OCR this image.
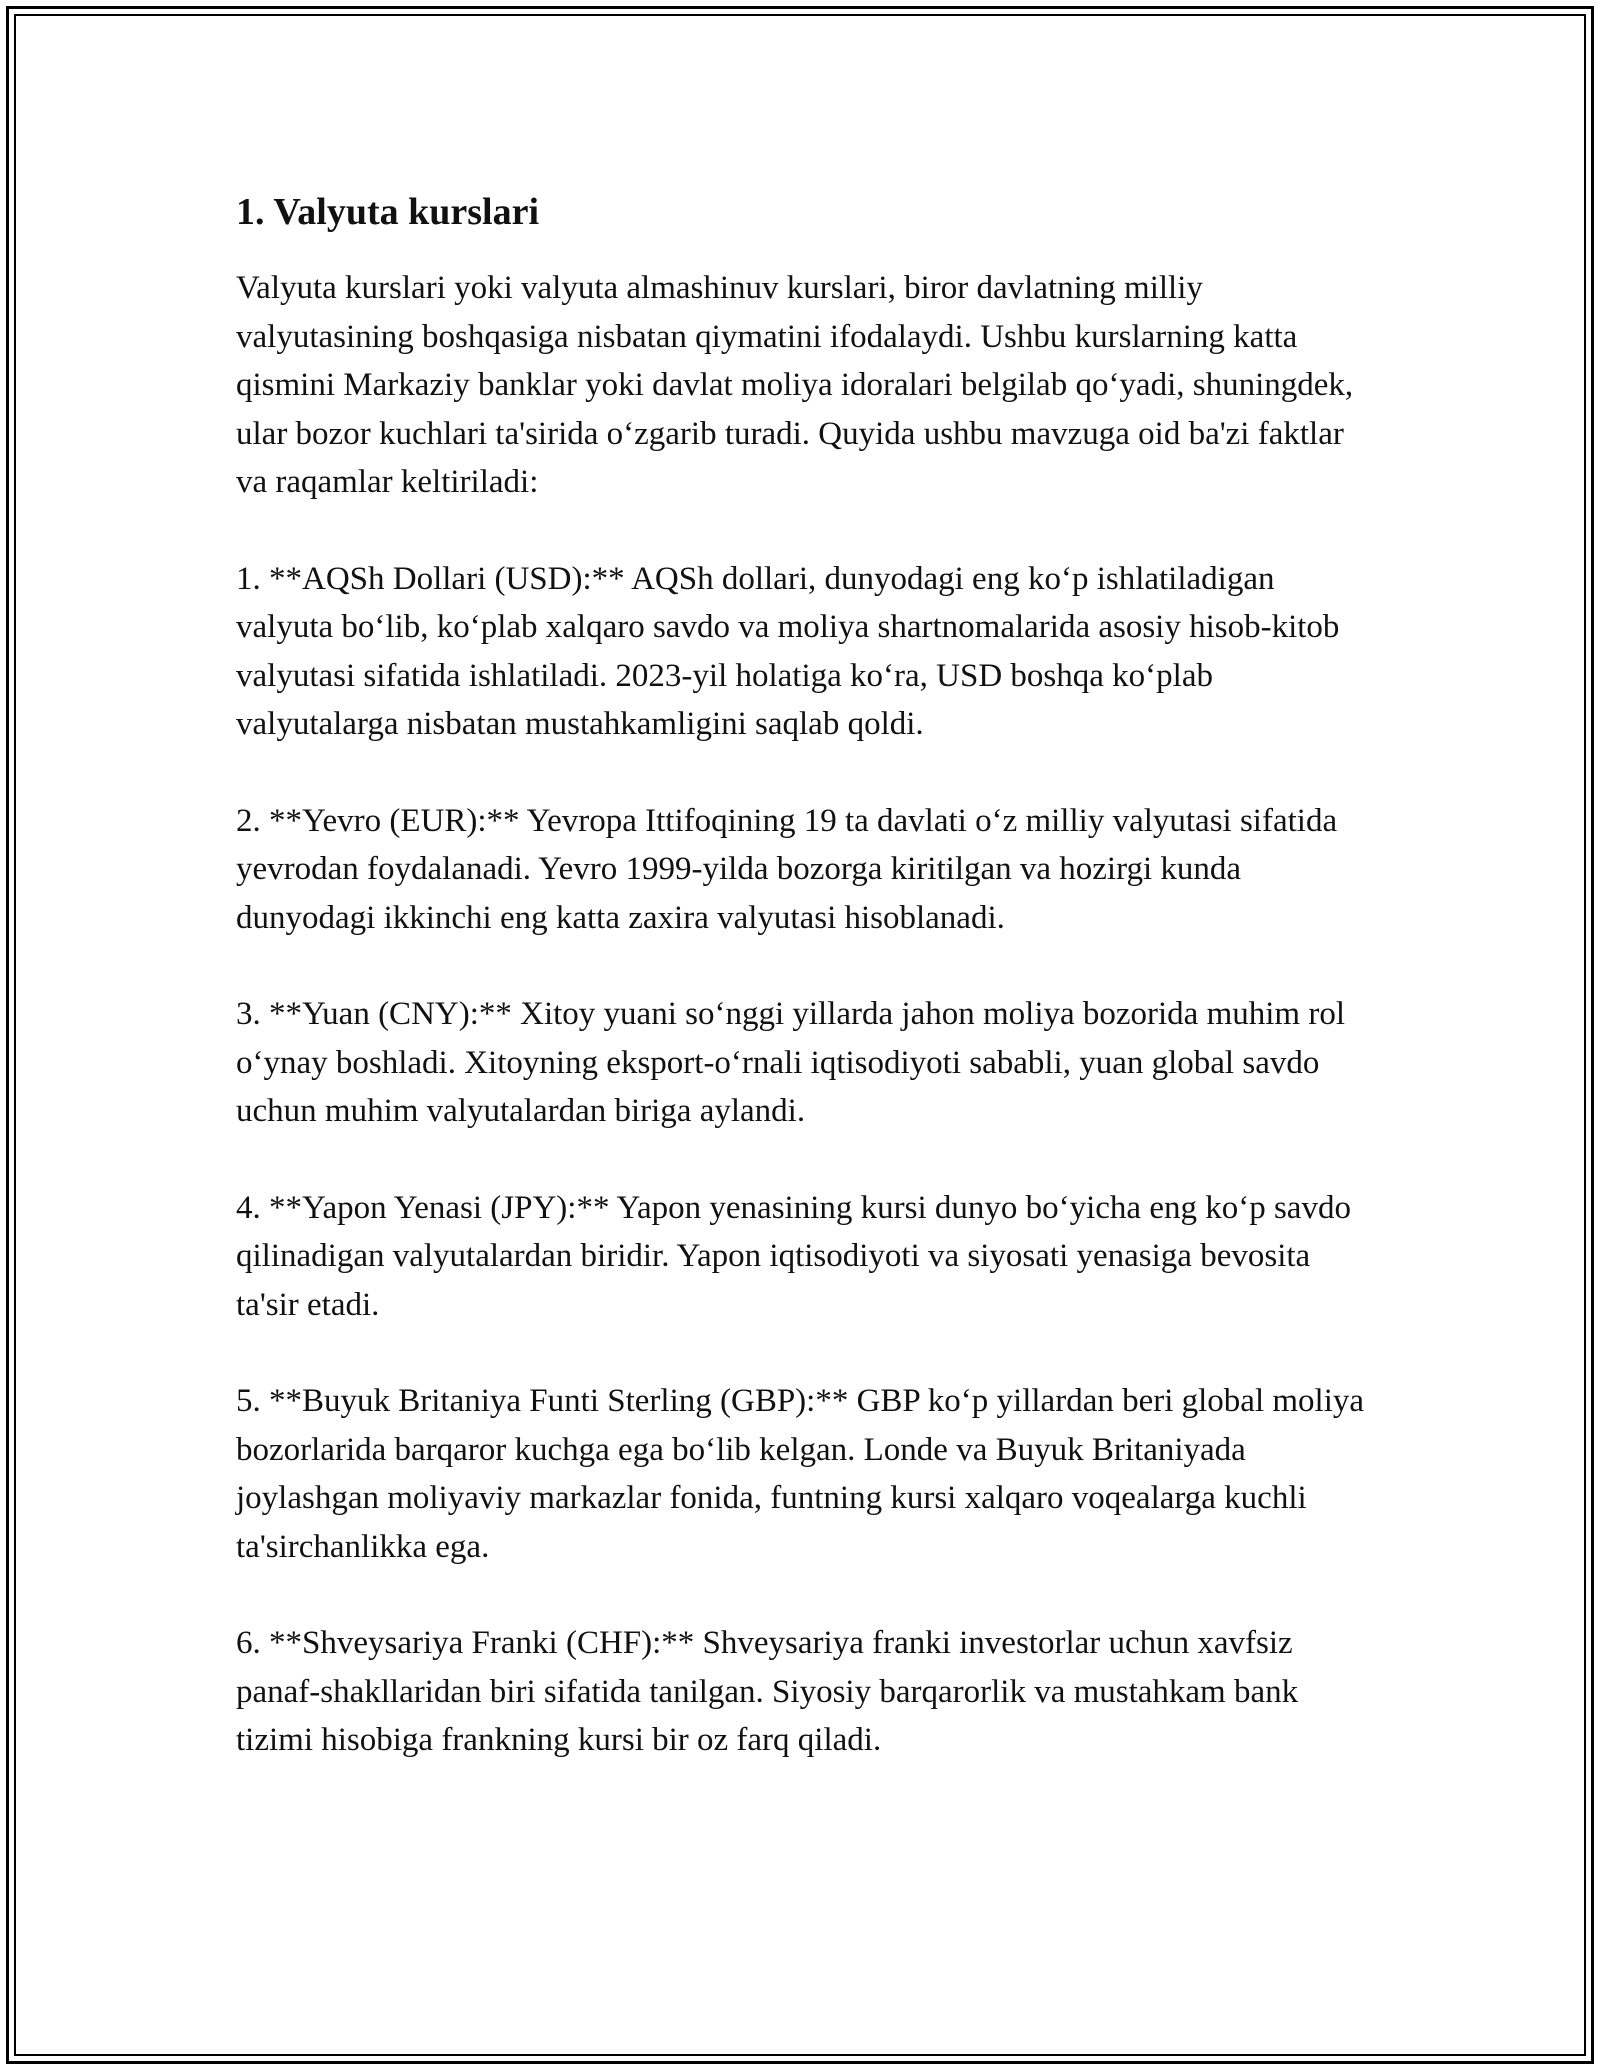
1. Valyuta kurslari

Valyuta kurslari yoki valyuta almashinuv kurslari, biror davlatning milliy valyutasining boshqasiga nisbatan qiymatini ifodalaydi. Ushbu kurslarning katta qismini Markaziy banklar yoki davlat moliya idoralari belgilab qoʻyadi, shuningdek, ular bozor kuchlari ta'sirida oʻzgarib turadi. Quyida ushbu mavzuga oid ba'zi faktlar va raqamlar keltiriladi:

1. **AQSh Dollari (USD):** AQSh dollari, dunyodagi eng koʻp ishlatiladigan valyuta boʻlib, koʻplab xalqaro savdo va moliya shartnomalarida asosiy hisob-kitob valyutasi sifatida ishlatiladi. 2023-yil holatiga koʻra, USD boshqa koʻplab valyutalarga nisbatan mustahkamligini saqlab qoldi.

2. **Yevro (EUR):** Yevropa Ittifoqining 19 ta davlati oʻz milliy valyutasi sifatida yevrodan foydalanadi. Yevro 1999-yilda bozorga kiritilgan va hozirgi kunda dunyodagi ikkinchi eng katta zaxira valyutasi hisoblanadi.

3. **Yuan (CNY):** Xitoy yuani soʻnggi yillarda jahon moliya bozorida muhim rol oʻynay boshladi. Xitoyning eksport-oʻrnali iqtisodiyoti sababli, yuan global savdo uchun muhim valyutalardan biriga aylandi.

4. **Yapon Yenasi (JPY):** Yapon yenasining kursi dunyo boʻyicha eng koʻp savdo qilinadigan valyutalardan biridir. Yapon iqtisodiyoti va siyosati yenasiga bevosita ta'sir etadi.

5. **Buyuk Britaniya Funti Sterling (GBP):** GBP koʻp yillardan beri global moliya bozorlarida barqaror kuchga ega boʻlib kelgan. Londe va Buyuk Britaniyada joylashgan moliyaviy markazlar fonida, funtning kursi xalqaro voqealarga kuchli ta'sirchanlikka ega.

6. **Shveysariya Franki (CHF):** Shveysariya franki investorlar uchun xavfsiz panaf-shakllaridan biri sifatida tanilgan. Siyosiy barqarorlik va mustahkam bank tizimi hisobiga frankning kursi bir oz farq qiladi.
